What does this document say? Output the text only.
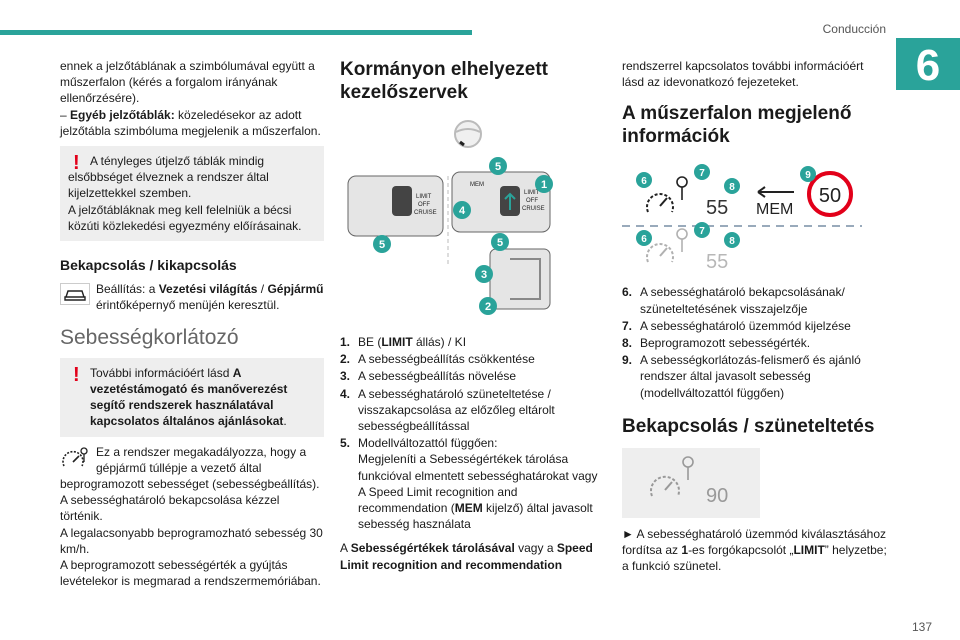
Conducción
6

ennek a jelzőtáblának a szimbólumával együtt a műszerfalon (kérés a forgalom irányának ellenőrzésére).

– Egyéb jelzőtáblák: közeledésekor az adott jelzőtábla szimbóluma megjelenik a műszerfalon.

! A tényleges útjelző táblák mindig elsőbbséget élveznek a rendszer által kijelzettekkel szemben.

A jelzőtábláknak meg kell felelniük a bécsi közúti közlekedési egyezmény előírásainak.

Bekapcsolás / kikapcsolás

Beállítás: a Vezetési világítás / Gépjármű érintőképernyő menüjén keresztül.

Sebességkorlátozó
! További információért lásd A vezetéstámogató és manőverezést segítő rendszerek használatával kapcsolatos általános ajánlásokat.

Ez a rendszer megakadályozza, hogy a gépjármű túllépje a vezető által beprogramozott sebességet (sebességbeállítás).

A sebességhatároló bekapcsolása kézzel történik.

A legalacsonyabb beprogramozható sebesség 30 km/h.

A beprogramozott sebességérték a gyújtás levételekor is megmarad a rendszermemóriában.

Kormányon elhelyezett kezelőszervek
LIMIT
OFF
CRUISE
MEM
LIMIT
OFF
CRUISE
1
5
4
5	5
3
2
1. BE (LIMIT állás) / KI
2. A sebességbeállítás csökkentése
3. A sebességbeállítás növelése
4. A sebességhatároló szüneteltetése / visszakapcsolása az előzőleg eltárolt sebességbeállítással
5. Modellváltozattól függően:
Megjeleníti a Sebességértékek tárolása funkcióval elmentett sebességhatárokat vagy
A Speed Limit recognition and recommendation (MEM kijelző) által javasolt sebesség használata

A Sebességértékek tárolásával vagy a Speed Limit recognition and recommendation

rendszerrel kapcsolatos további információért lásd az idevonatkozó fejezeteket.

A műszerfalon megjelenő információk
55 MEM
50
55
6
7
8
9
6
7
8
6. A sebességhatároló bekapcsolásának/ szüneteltetésének visszajelzője
7. A sebességhatároló üzemmód kijelzése
8. Beprogramozott sebességérték.
9. A sebességkorlátozás-felismerő és ajánló rendszer által javasolt sebesség (modellváltozattól függően)
Bekapcsolás / szüneteltetés
90

► A sebességhatároló üzemmód kiválasztásához fordítsa az 1-es forgókapcsolót „LIMIT” helyzetbe; a funkció szünetel.

137
